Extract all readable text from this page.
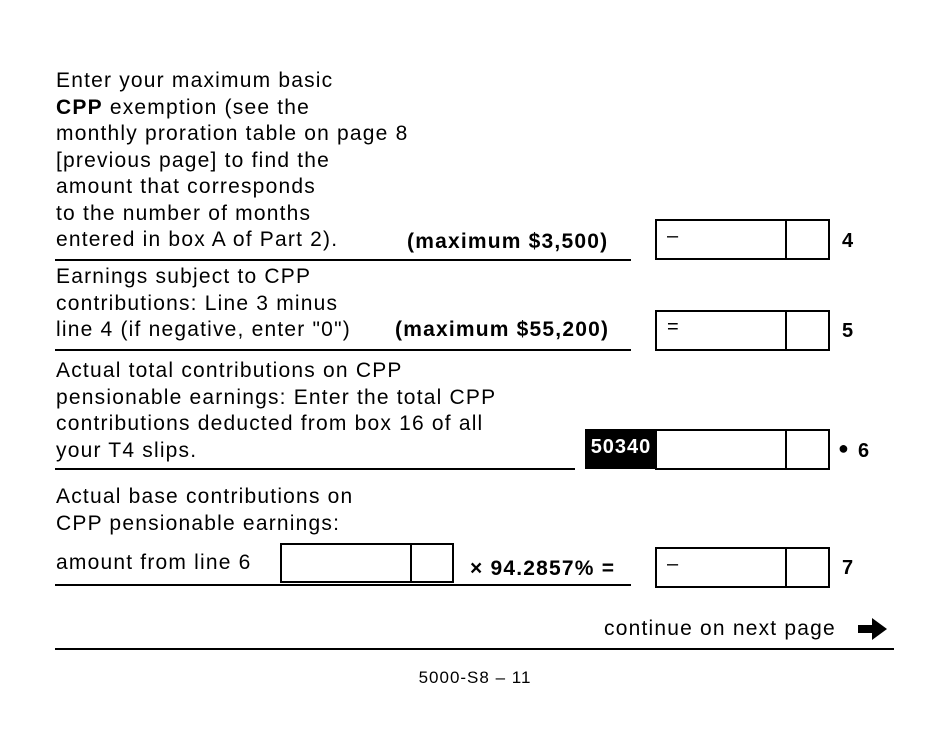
Enter your maximum basic
CPP exemption (see the
monthly proration table on page 8
[previous page] to find the
amount that corresponds
to the number of months
entered in box A of Part 2).	(maximum $3,500)	–	4
Earnings subject to CPP
contributions: Line 3 minus
line 4 (if negative, enter "0") (maximum $55,200)	=	5
Actual total contributions on CPP
pensionable earnings: Enter the total CPP
contributions deducted from box 16 of all
your T4 slips.	50340	● 6
Actual base contributions on
CPP pensionable earnings:
amount from line 6	× 94.2857% =	–	7
continue on next page
5000-S8 – 11
